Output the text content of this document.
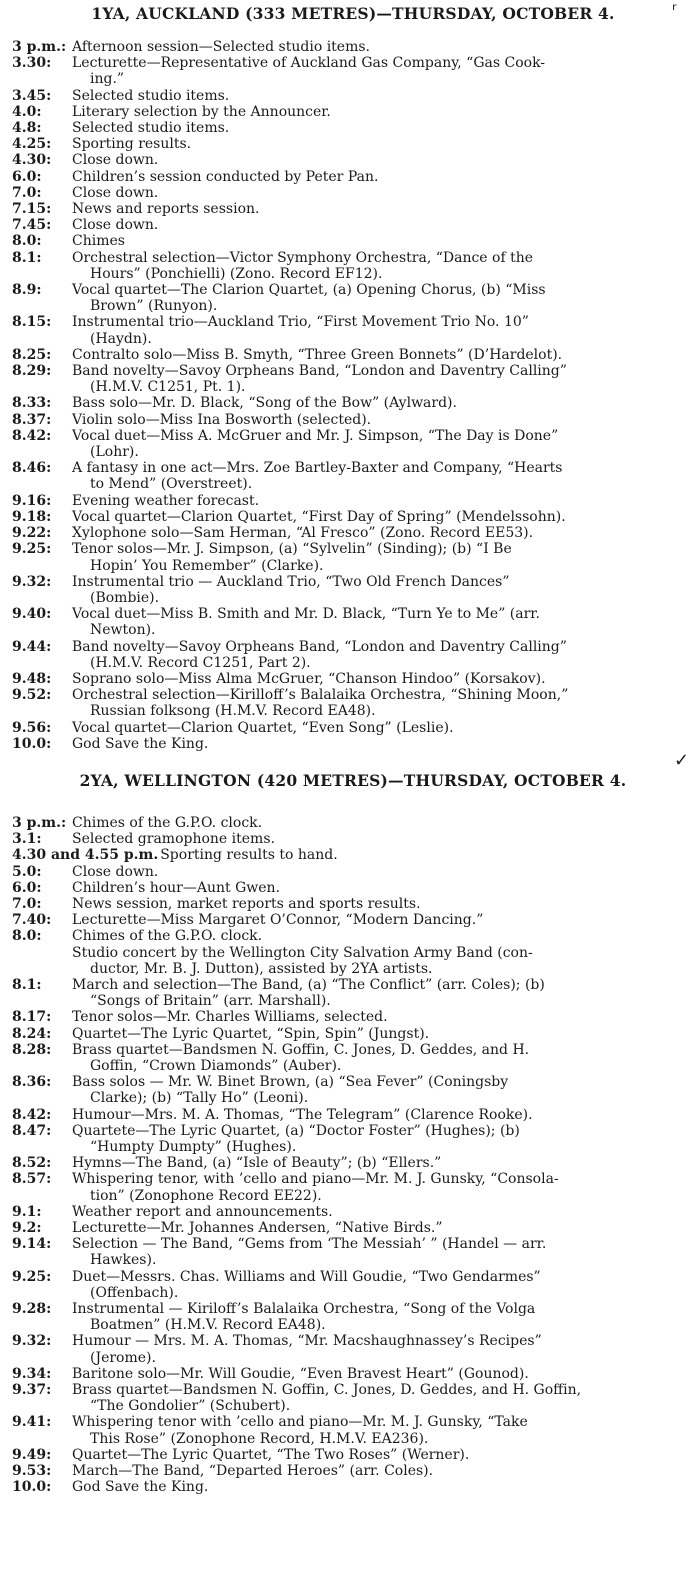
1YA, AUCKLAND (333 METRES)—THURSDAY, OCTOBER 4.
3 p.m.: Afternoon session—Selected studio items.
3.30:	Lecturette—Representative of Auckland Gas Company, “Gas Cook-
ing.”
3.45:	Selected studio items.
4.0:	Literary selection by the Announcer.
4.8:	Selected studio items.
4.25:	Sporting results.
4.30:	Close down.
6.0:	Children’s session conducted by Peter Pan.
7.0:	Close down.
7.15:	News and reports session.
7.45:	Close down.
8.0:	Chimes
8.1:	Orchestral selection—Victor Symphony Orchestra, “Dance of the
Hours” (Ponchielli) (Zono. Record EF12).
8.9:	Vocal quartet—The Clarion Quartet, (a) Opening Chorus, (b) “Miss
Brown” (Runyon).
8.15:	Instrumental trio—Auckland Trio, “First Movement Trio No. 10”
(Haydn).
8.25:	Contralto solo—Miss B. Smyth, “Three Green Bonnets” (D’Hardelot).
8.29:	Band novelty—Savoy Orpheans Band, “London and Daventry Calling”
(H.M.V. C1251, Pt. 1).
8.33:	Bass solo—Mr. D. Black, “Song of the Bow” (Aylward).
8.37:	Violin solo—Miss Ina Bosworth (selected).
8.42:	Vocal duet—Miss A. McGruer and Mr. J. Simpson, “The Day is Done”
(Lohr).
8.46:	A fantasy in one act—Mrs. Zoe Bartley-Baxter and Company, “Hearts
to Mend” (Overstreet).
9.16:	Evening weather forecast.
9.18:	Vocal quartet—Clarion Quartet, “First Day of Spring” (Mendelssohn).
9.22:	Xylophone solo—Sam Herman, “Al Fresco” (Zono. Record EE53).
9.25:	Tenor solos—Mr. J. Simpson, (a) “Sylvelin” (Sinding); (b) “I Be
Hopin’ You Remember” (Clarke).
9.32:	Instrumental trio — Auckland Trio, “Two Old French Dances”
(Bombie).
9.40:	Vocal duet—Miss B. Smith and Mr. D. Black, “Turn Ye to Me” (arr.
Newton).
9.44:	Band novelty—Savoy Orpheans Band, “London and Daventry Calling”
(H.M.V. Record C1251, Part 2).
9.48:	Soprano solo—Miss Alma McGruer, “Chanson Hindoo” (Korsakov).
9.52:	Orchestral selection—Kirilloff’s Balalaika Orchestra, “Shining Moon,”
Russian folksong (H.M.V. Record EA48).
9.56:	Vocal quartet—Clarion Quartet, “Even Song” (Leslie).
10.0:	God Save the King.
2YA, WELLINGTON (420 METRES)—THURSDAY, OCTOBER 4.
3 p.m.: Chimes of the G.P.O. clock.
3.1:	Selected gramophone items.
4.30 and 4.55 p.m. Sporting results to hand.
5.0:	Close down.
6.0:	Children’s hour—Aunt Gwen.
7.0:	News session, market reports and sports results.
7.40:	Lecturette—Miss Margaret O’Connor, “Modern Dancing.”
8.0:	Chimes of the G.P.O. clock.
Studio concert by the Wellington City Salvation Army Band (con-
ductor, Mr. B. J. Dutton), assisted by 2YA artists.
8.1:	March and selection—The Band, (a) “The Conflict” (arr. Coles); (b)
“Songs of Britain” (arr. Marshall).
8.17:	Tenor solos—Mr. Charles Williams, selected.
8.24:	Quartet—The Lyric Quartet, “Spin, Spin” (Jungst).
8.28:	Brass quartet—Bandsmen N. Goffin, C. Jones, D. Geddes, and H.
Goffin, “Crown Diamonds” (Auber).
8.36:	Bass solos — Mr. W. Binet Brown, (a) “Sea Fever” (Coningsby
Clarke); (b) “Tally Ho” (Leoni).
8.42:	Humour—Mrs. M. A. Thomas, “The Telegram” (Clarence Rooke).
8.47:	Quartete—The Lyric Quartet, (a) “Doctor Foster” (Hughes); (b)
“Humpty Dumpty” (Hughes).
8.52:	Hymns—The Band, (a) “Isle of Beauty”; (b) “Ellers.”
8.57:	Whispering tenor, with ’cello and piano—Mr. M. J. Gunsky, “Consola-
tion” (Zonophone Record EE22).
9.1:	Weather report and announcements.
9.2:	Lecturette—Mr. Johannes Andersen, “Native Birds.”
9.14:	Selection — The Band, “Gems from ‘The Messiah’ ” (Handel — arr.
Hawkes).
9.25:	Duet—Messrs. Chas. Williams and Will Goudie, “Two Gendarmes”
(Offenbach).
9.28:	Instrumental — Kiriloff’s Balalaika Orchestra, “Song of the Volga
Boatmen” (H.M.V. Record EA48).
9.32:	Humour — Mrs. M. A. Thomas, “Mr. Macshaughnassey’s Recipes”
(Jerome).
9.34:	Baritone solo—Mr. Will Goudie, “Even Bravest Heart” (Gounod).
9.37:	Brass quartet—Bandsmen N. Goffin, C. Jones, D. Geddes, and H. Goffin,
“The Gondolier” (Schubert).
9.41:	Whispering tenor with ’cello and piano—Mr. M. J. Gunsky, “Take
This Rose” (Zonophone Record, H.M.V. EA236).
9.49:	Quartet—The Lyric Quartet, “The Two Roses” (Werner).
9.53:	March—The Band, “Departed Heroes” (arr. Coles).
10.0:	God Save the King.
ʳ
✓
